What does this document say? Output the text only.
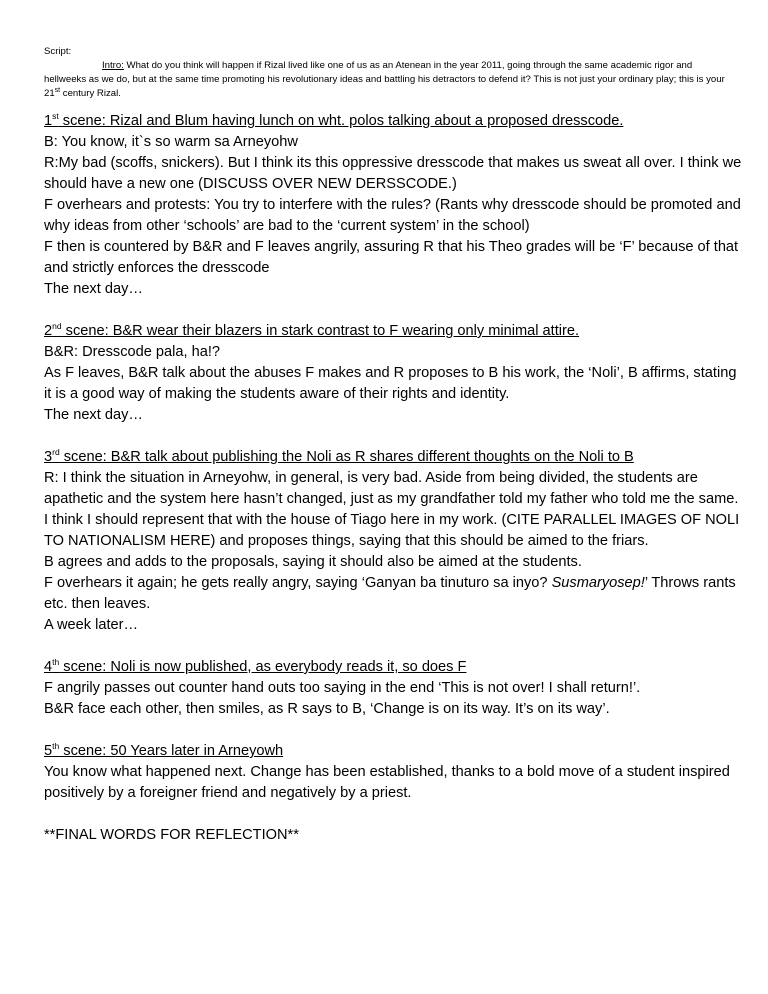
Script:
Intro: What do you think will happen if Rizal lived like one of us as an Atenean in the year 2011, going through the same academic rigor and hellweeks as we do, but at the same time promoting his revolutionary ideas and battling his detractors to defend it? This is not just your ordinary play; this is your 21st century Rizal.

1st scene: Rizal and Blum having lunch on wht. polos talking about a proposed dresscode.

B: You know, it`s so warm sa Arneyohw

R:My bad (scoffs, snickers). But I think its this oppressive dresscode that makes us sweat all over. I think we should have a new one (DISCUSS OVER NEW DERSSCODE.)

F overhears and protests: You try to interfere with the rules? (Rants why dresscode should be promoted and why ideas from other ‘schools’ are bad to the ‘current system’ in the school)

F then is countered by B&R and F leaves angrily, assuring R that his Theo grades will be ‘F’ because of that and strictly enforces the dresscode

The next day…

2nd scene: B&R wear their blazers in stark contrast to F wearing only minimal attire.

B&R: Dresscode pala, ha!?

As F leaves, B&R talk about the abuses F makes and R proposes to B his work, the ‘Noli’, B affirms, stating it is a good way of making the students aware of their rights and identity.

The next day…

3rd scene: B&R talk about publishing the Noli as R shares different thoughts on the Noli to B

R: I think the situation in Arneyohw, in general, is very bad. Aside from being divided, the students are apathetic and the system here hasn’t changed, just as my grandfather told my father who told me the same. I think I should represent that with the house of Tiago here in my work. (CITE PARALLEL IMAGES OF NOLI TO NATIONALISM HERE) and proposes things, saying that this should be aimed to the friars.

B agrees and adds to the proposals, saying it should also be aimed at the students.

F overhears it again; he gets really angry, saying ‘Ganyan ba tinuturo sa inyo? Susmaryosep!’ Throws rants etc. then leaves.

A week later…

4th scene: Noli is now published, as everybody reads it, so does F

F angrily passes out counter hand outs too saying in the end ‘This is not over! I shall return!’.

B&R face each other, then smiles, as R says to B, ‘Change is on its way. It’s on its way’.

5th scene: 50 Years later in Arneyowh

You know what happened next. Change has been established, thanks to a bold move of a student inspired positively by a foreigner friend and negatively by a priest.

**FINAL WORDS FOR REFLECTION**
